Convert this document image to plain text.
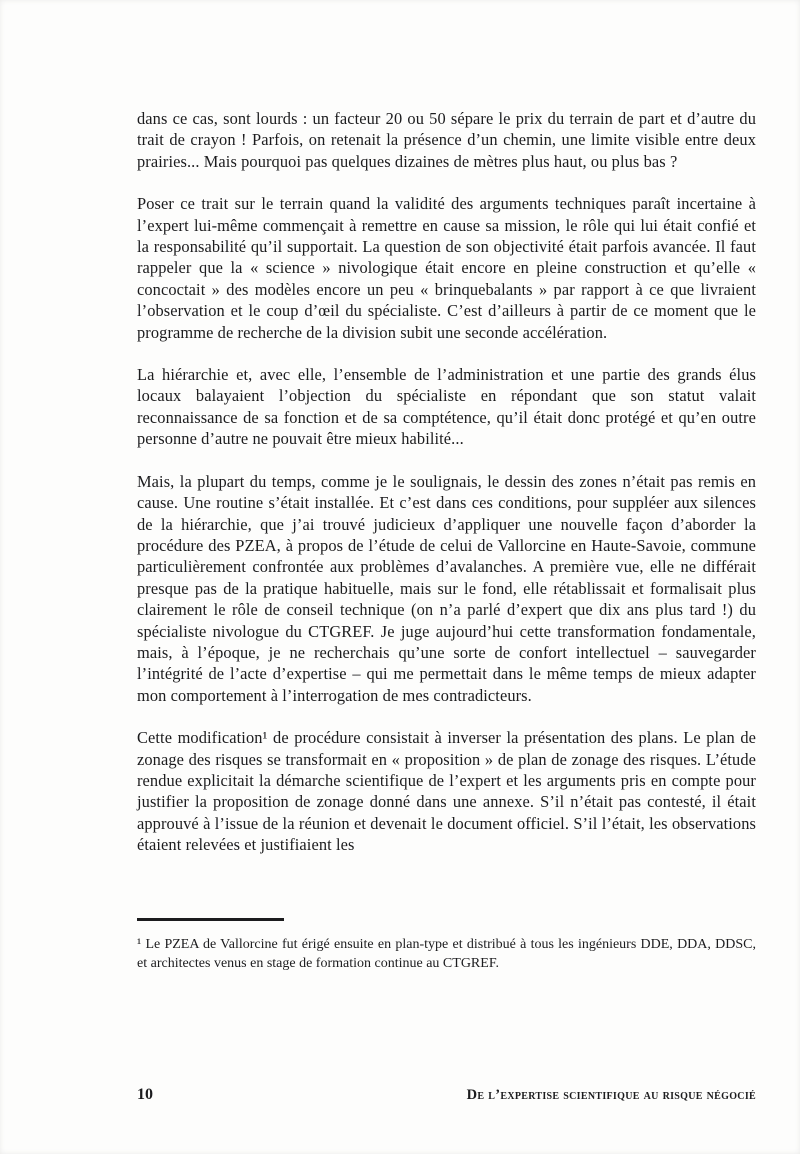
dans ce cas, sont lourds : un facteur 20 ou 50 sépare le prix du terrain de part et d’autre du trait de crayon ! Parfois, on retenait la présence d’un chemin, une limite visible entre deux prairies... Mais pourquoi pas quelques dizaines de mètres plus haut, ou plus bas ?

Poser ce trait sur le terrain quand la validité des arguments techniques paraît incertaine à l’expert lui-même commençait à remettre en cause sa mission, le rôle qui lui était confié et la responsabilité qu’il supportait. La question de son objectivité était parfois avancée. Il faut rappeler que la « science » nivologique était encore en pleine construction et qu’elle « concoctait » des modèles encore un peu « brinquebalants » par rapport à ce que livraient l’observation et le coup d’œil du spécialiste. C’est d’ailleurs à partir de ce moment que le programme de recherche de la division subit une seconde accélération.

La hiérarchie et, avec elle, l’ensemble de l’administration et une partie des grands élus locaux balayaient l’objection du spécialiste en répondant que son statut valait reconnaissance de sa fonction et de sa comptétence, qu’il était donc protégé et qu’en outre personne d’autre ne pouvait être mieux habilité...

Mais, la plupart du temps, comme je le soulignais, le dessin des zones n’était pas remis en cause. Une routine s’était installée. Et c’est dans ces conditions, pour suppléer aux silences de la hiérarchie, que j’ai trouvé judicieux d’appliquer une nouvelle façon d’aborder la procédure des PZEA, à propos de l’étude de celui de Vallorcine en Haute-Savoie, commune particulièrement confrontée aux problèmes d’avalanches. A première vue, elle ne différait presque pas de la pratique habituelle, mais sur le fond, elle rétablissait et formalisait plus clairement le rôle de conseil technique (on n’a parlé d’expert que dix ans plus tard !) du spécialiste nivologue du CTGREF. Je juge aujourd’hui cette transformation fondamentale, mais, à l’époque, je ne recherchais qu’une sorte de confort intellectuel – sauvegarder l’intégrité de l’acte d’expertise – qui me permettait dans le même temps de mieux adapter mon comportement à l’interrogation de mes contradicteurs.

Cette modification¹ de procédure consistait à inverser la présentation des plans. Le plan de zonage des risques se transformait en « proposition » de plan de zonage des risques. L’étude rendue explicitait la démarche scientifique de l’expert et les arguments pris en compte pour justifier la proposition de zonage donné dans une annexe. S’il n’était pas contesté, il était approuvé à l’issue de la réunion et devenait le document officiel. S’il l’était, les observations étaient relevées et justifiaient les

¹ Le PZEA de Vallorcine fut érigé ensuite en plan-type et distribué à tous les ingénieurs DDE, DDA, DDSC, et architectes venus en stage de formation continue au CTGREF.

10	De l’expertise scientifique au risque négocié
